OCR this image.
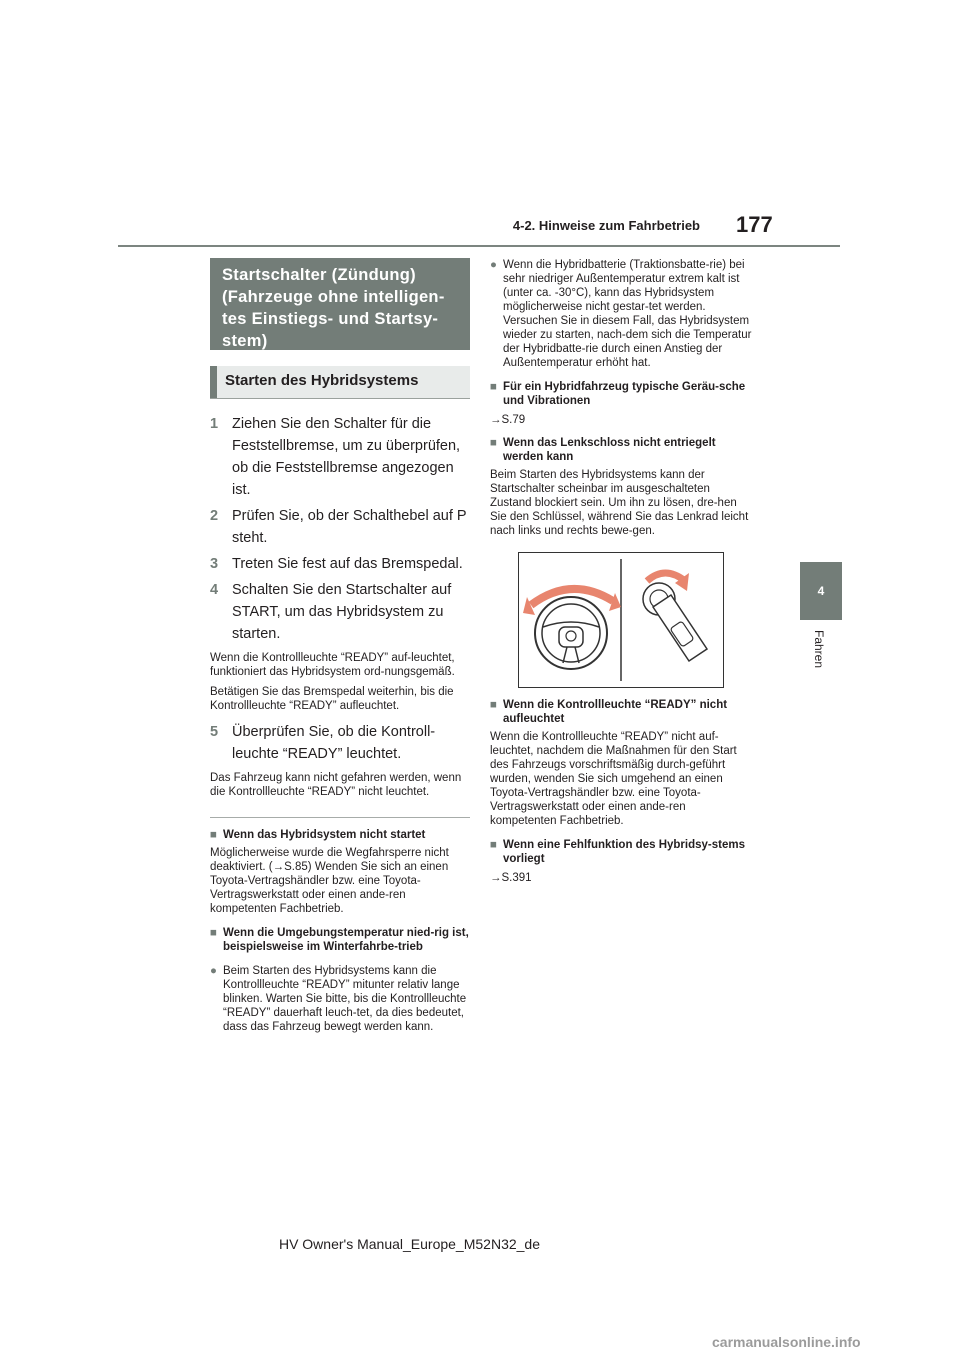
4-2. Hinweise zum Fahrbetrieb 177
4
Fahren
Startschalter (Zündung) (Fahrzeuge ohne intelligen-tes Einstiegs- und Startsy-stem)
Starten des Hybridsystems
1 Ziehen Sie den Schalter für die Feststellbremse, um zu überprüfen, ob die Feststellbremse angezogen ist.
2 Prüfen Sie, ob der Schalthebel auf P steht.
3 Treten Sie fest auf das Bremspedal.
4 Schalten Sie den Startschalter auf START, um das Hybridsystem zu starten.
Wenn die Kontrollleuchte “READY” auf-leuchtet, funktioniert das Hybridsystem ord-nungsgemäß.
Betätigen Sie das Bremspedal weiterhin, bis die Kontrollleuchte “READY” aufleuchtet.
5 Überprüfen Sie, ob die Kontroll-leuchte “READY” leuchtet.
Das Fahrzeug kann nicht gefahren werden, wenn die Kontrollleuchte “READY” nicht leuchtet.
■ Wenn das Hybridsystem nicht startet
Möglicherweise wurde die Wegfahrsperre nicht deaktiviert. (→S.85) Wenden Sie sich an einen Toyota-Vertragshändler bzw. eine Toyota-Vertragswerkstatt oder einen ande-ren kompetenten Fachbetrieb.
■ Wenn die Umgebungstemperatur nied-rig ist, beispielsweise im Winterfahrbe-trieb
● Beim Starten des Hybridsystems kann die Kontrollleuchte “READY” mitunter relativ lange blinken. Warten Sie bitte, bis die Kontrollleuchte “READY” dauerhaft leuch-tet, da dies bedeutet, dass das Fahrzeug bewegt werden kann.
● Wenn die Hybridbatterie (Traktionsbatte-rie) bei sehr niedriger Außentemperatur extrem kalt ist (unter ca. -30°C), kann das Hybridsystem möglicherweise nicht gestar-tet werden. Versuchen Sie in diesem Fall, das Hybridsystem wieder zu starten, nach-dem sich die Temperatur der Hybridbatte-rie durch einen Anstieg der Außentemperatur erhöht hat.
■ Für ein Hybridfahrzeug typische Geräu-sche und Vibrationen
→S.79
■ Wenn das Lenkschloss nicht entriegelt werden kann
Beim Starten des Hybridsystems kann der Startschalter scheinbar im ausgeschalteten Zustand blockiert sein. Um ihn zu lösen, dre-hen Sie den Schlüssel, während Sie das Lenkrad leicht nach links und rechts bewe-gen.
■ Wenn die Kontrollleuchte “READY” nicht aufleuchtet
Wenn die Kontrollleuchte “READY” nicht auf-leuchtet, nachdem die Maßnahmen für den Start des Fahrzeugs vorschriftsmäßig durch-geführt wurden, wenden Sie sich umgehend an einen Toyota-Vertragshändler bzw. eine Toyota-Vertragswerkstatt oder einen ande-ren kompetenten Fachbetrieb.
■ Wenn eine Fehlfunktion des Hybridsy-stems vorliegt
→S.391
HV Owner's Manual_Europe_M52N32_de
carmanualsonline.info
